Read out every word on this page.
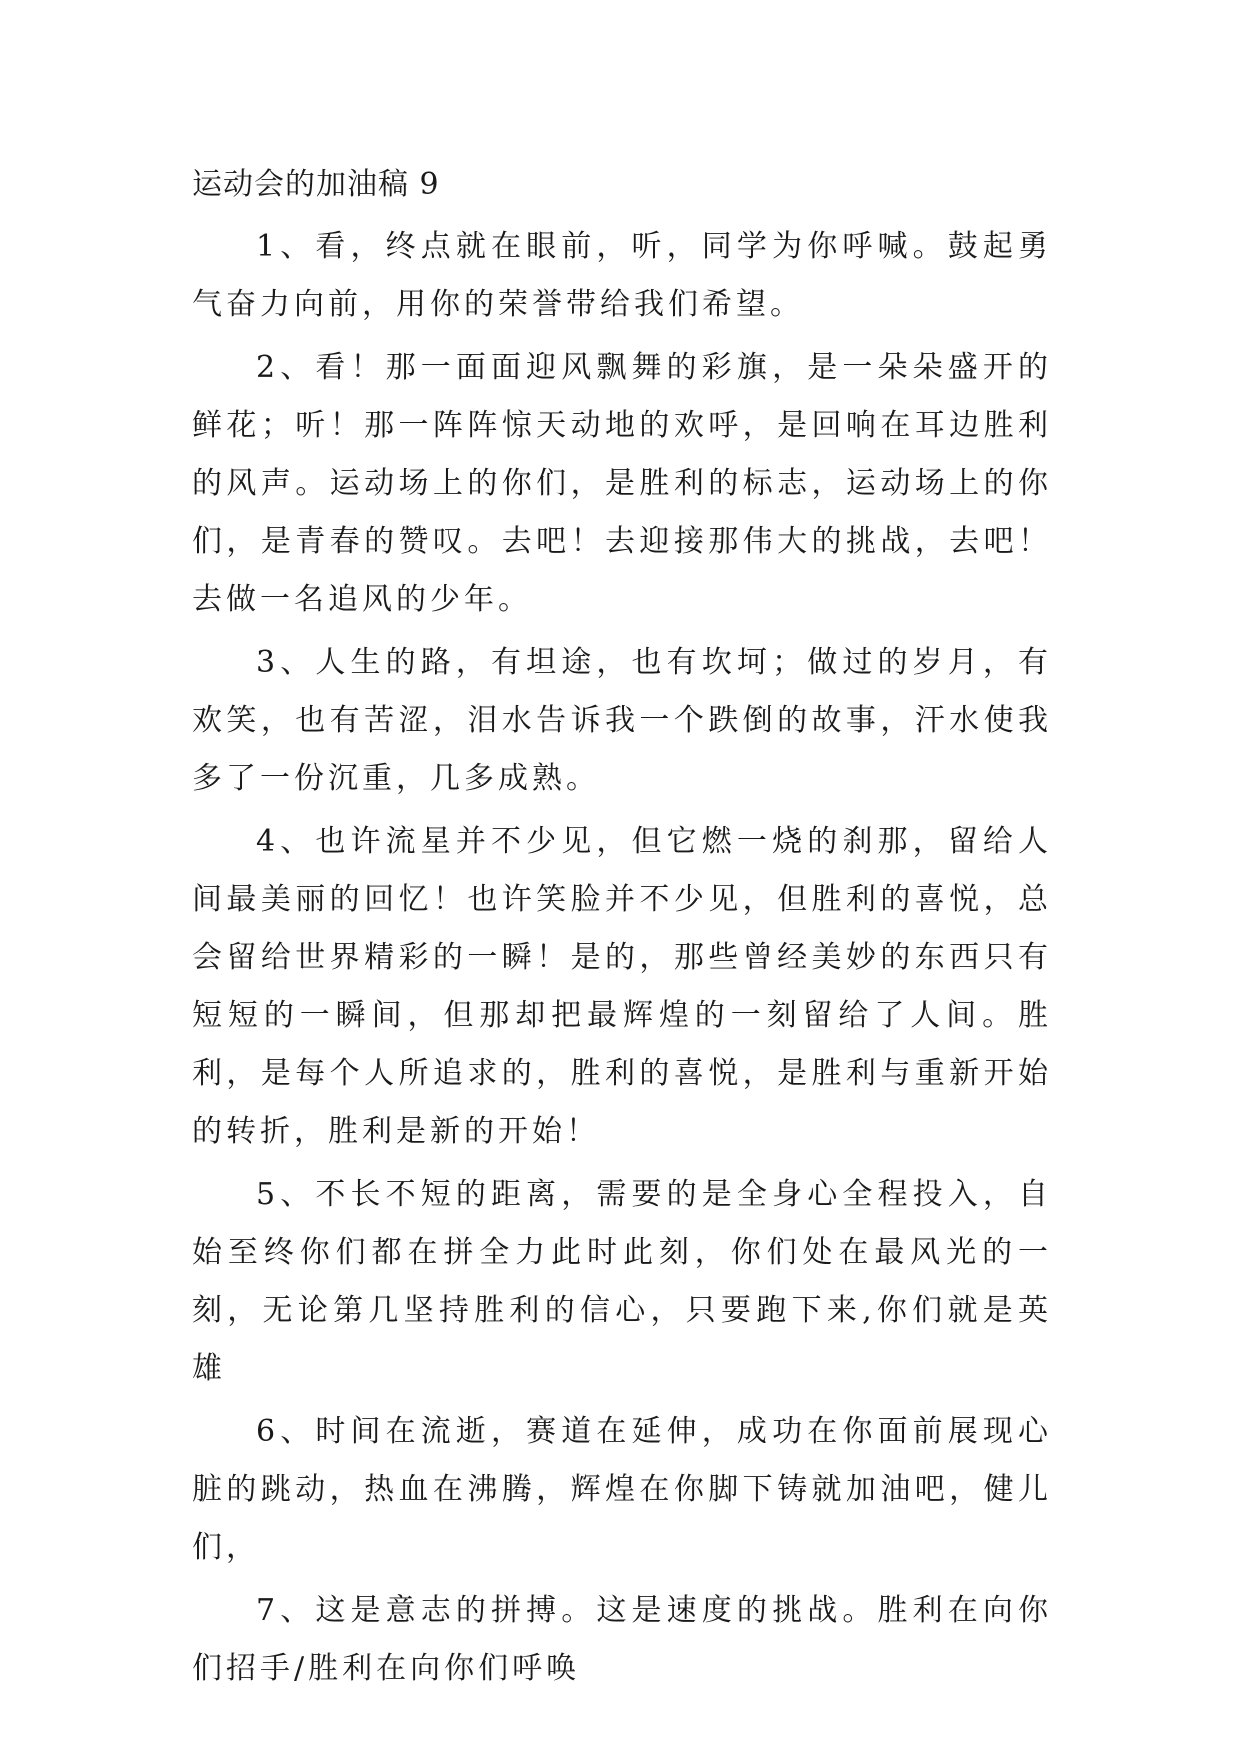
运动会的加油稿 9

1、看，终点就在眼前，听，同学为你呼喊。鼓起勇气奋力向前，用你的荣誉带给我们希望。

2、看！那一面面迎风飘舞的彩旗，是一朵朵盛开的鲜花；听！那一阵阵惊天动地的欢呼，是回响在耳边胜利的风声。运动场上的你们，是胜利的标志，运动场上的你们，是青春的赞叹。去吧！去迎接那伟大的挑战，去吧！去做一名追风的少年。

3、人生的路，有坦途，也有坎坷；做过的岁月，有欢笑，也有苦涩，泪水告诉我一个跌倒的故事，汗水使我多了一份沉重，几多成熟。

4、也许流星并不少见，但它燃一烧的刹那，留给人间最美丽的回忆！也许笑脸并不少见，但胜利的喜悦，总会留给世界精彩的一瞬！是的，那些曾经美妙的东西只有短短的一瞬间，但那却把最辉煌的一刻留给了人间。胜利，是每个人所追求的，胜利的喜悦，是胜利与重新开始的转折，胜利是新的开始！

5、不长不短的距离，需要的是全身心全程投入，自始至终你们都在拼全力此时此刻，你们处在最风光的一刻，无论第几坚持胜利的信心，只要跑下来,你们就是英雄

6、时间在流逝，赛道在延伸，成功在你面前展现心脏的跳动，热血在沸腾，辉煌在你脚下铸就加油吧，健儿们，

7、这是意志的拼搏。这是速度的挑战。胜利在向你们招手/胜利在向你们呼唤
